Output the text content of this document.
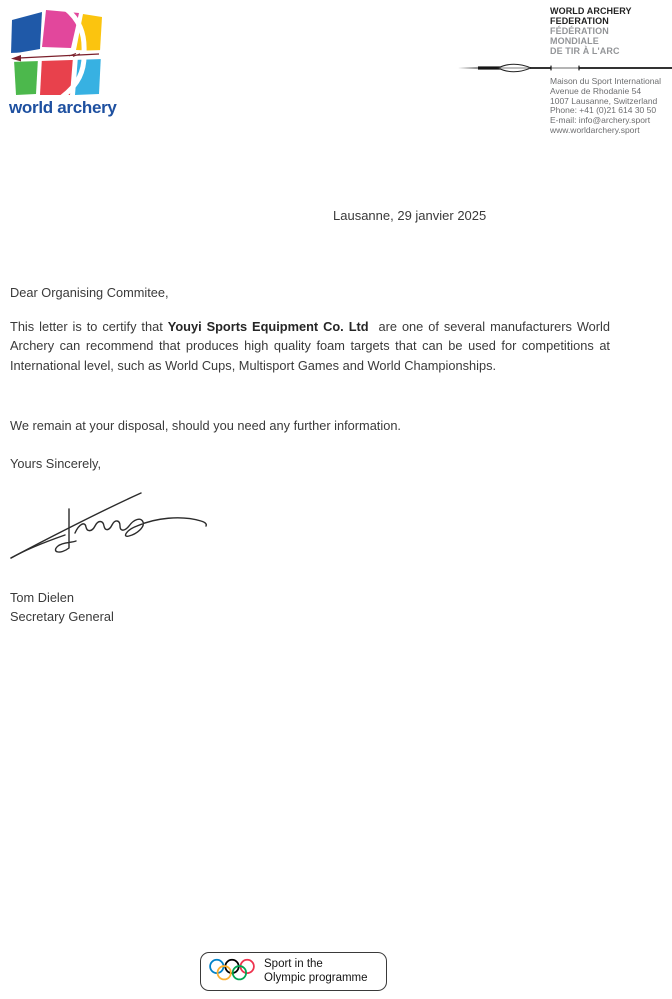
world archery
WORLD ARCHERY
FEDERATION
FÉDÉRATION
MONDIALE
DE TIR À L'ARC
Maison du Sport International
Avenue de Rhodanie 54
1007 Lausanne, Switzerland
Phone: +41 (0)21 614 30 50
E-mail: info@archery.sport
www.worldarchery.sport
Lausanne, 29 janvier 2025
Dear Organising Commitee,

This letter is to certify that Youyi Sports Equipment Co. Ltd  are one of several manufacturers World Archery can recommend that produces high quality foam targets that can be used for competitions at International level, such as World Cups, Multisport Games and World Championships.

We remain at your disposal, should you need any further information.
Yours Sincerely,
Tom Dielen
Secretary General
Sport in the
Olympic programme
